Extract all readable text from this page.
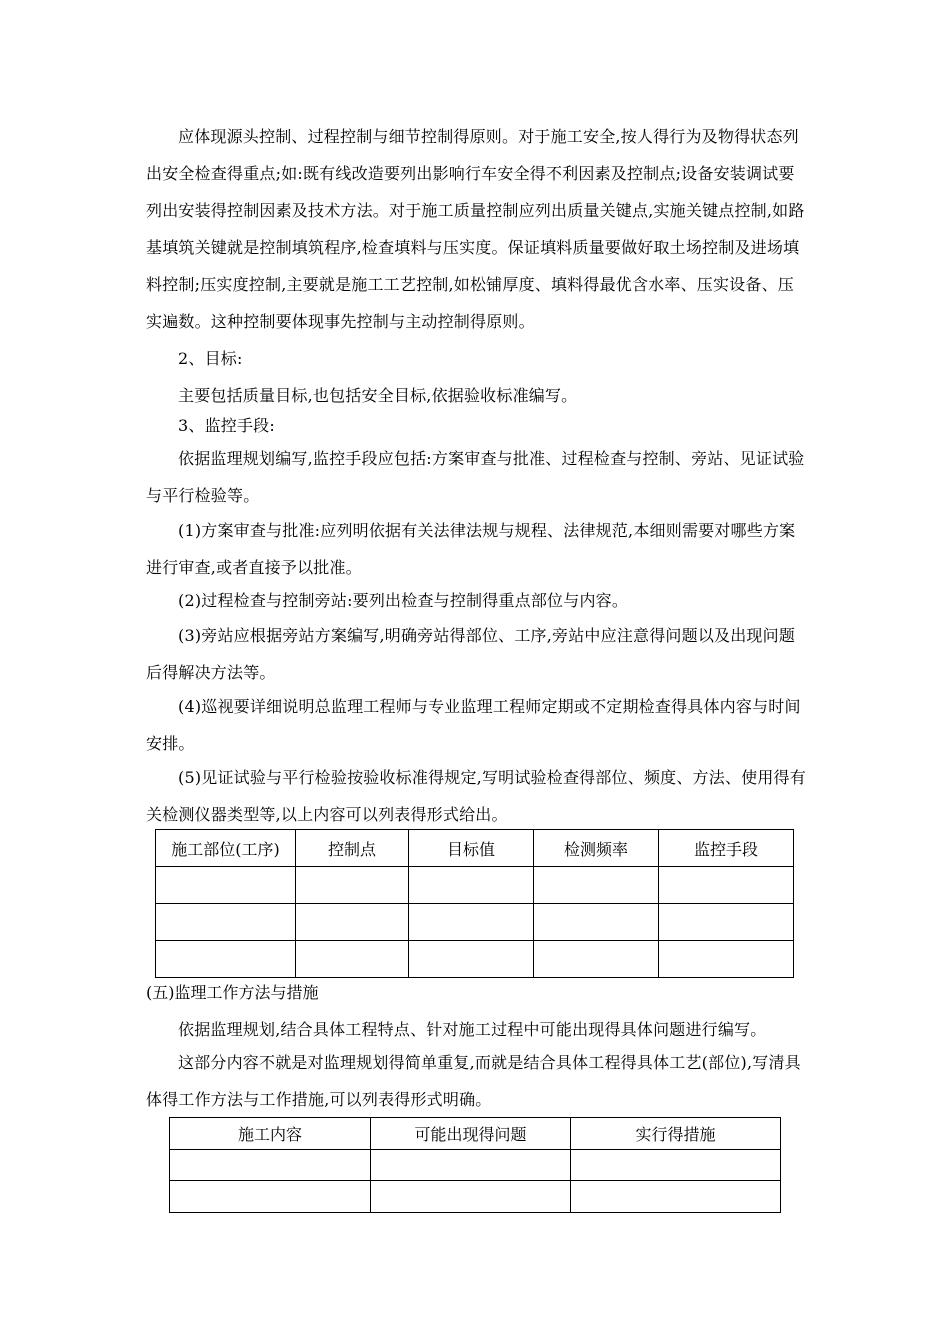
应体现源头控制、过程控制与细节控制得原则。对于施工安全,按人得行为及物得状态列出安全检查得重点;如:既有线改造要列出影响行车安全得不利因素及控制点;设备安装调试要列出安装得控制因素及技术方法。对于施工质量控制应列出质量关键点,实施关键点控制,如路基填筑关键就是控制填筑程序,检查填料与压实度。保证填料质量要做好取土场控制及进场填料控制;压实度控制,主要就是施工工艺控制,如松铺厚度、填料得最优含水率、压实设备、压实遍数。这种控制要体现事先控制与主动控制得原则。

2、目标:

主要包括质量目标,也包括安全目标,依据验收标准编写。

3、监控手段:

依据监理规划编写,监控手段应包括:方案审查与批准、过程检查与控制、旁站、见证试验与平行检验等。

(1)方案审查与批准:应列明依据有关法律法规与规程、法律规范,本细则需要对哪些方案进行审查,或者直接予以批准。

(2)过程检查与控制旁站:要列出检查与控制得重点部位与内容。

(3)旁站应根据旁站方案编写,明确旁站得部位、工序,旁站中应注意得问题以及出现问题后得解决方法等。

(4)巡视要详细说明总监理工程师与专业监理工程师定期或不定期检查得具体内容与时间安排。

(5)见证试验与平行检验按验收标准得规定,写明试验检查得部位、频度、方法、使用得有关检测仪器类型等,以上内容可以列表得形式给出。

施工部位(工序)	控制点	目标值	检测频率	监控手段

(五)监理工作方法与措施

依据监理规划,结合具体工程特点、针对施工过程中可能出现得具体问题进行编写。

这部分内容不就是对监理规划得简单重复,而就是结合具体工程得具体工艺(部位),写清具体得工作方法与工作措施,可以列表得形式明确。

施工内容	可能出现得问题	实行得措施
